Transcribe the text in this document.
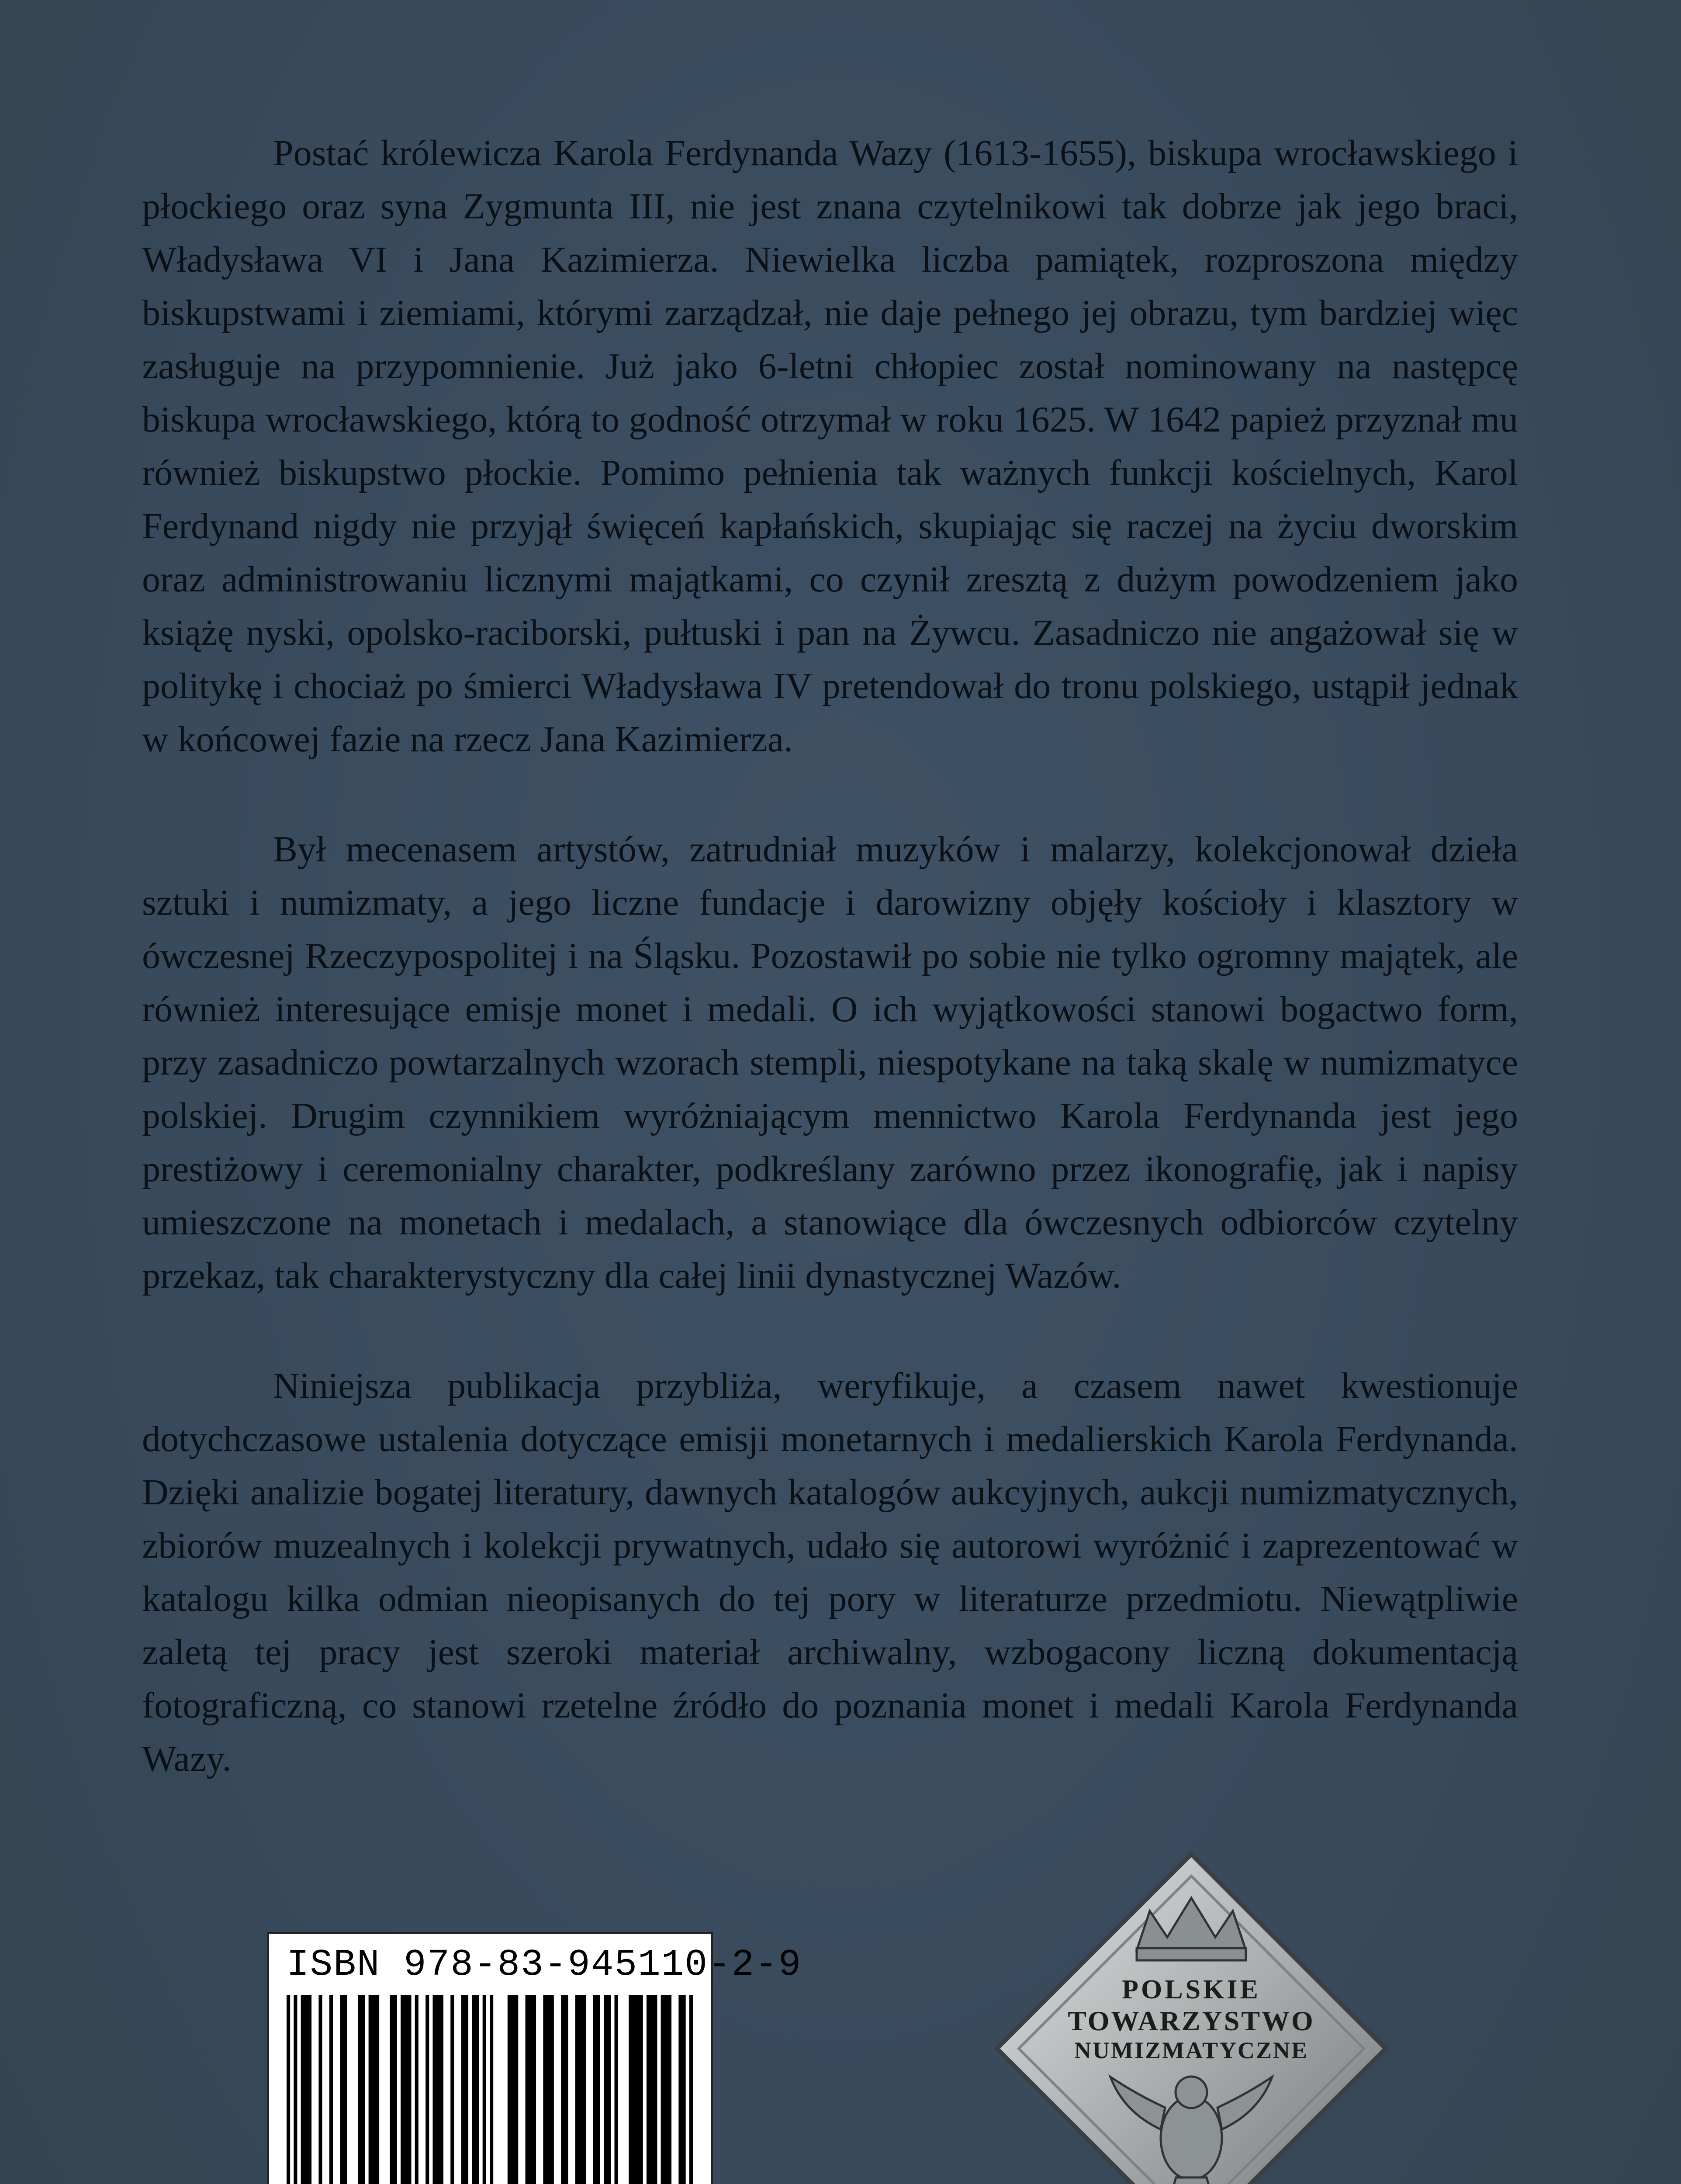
Postać królewicza Karola Ferdynanda Wazy (1613-1655), biskupa wrocławskiego i płockiego oraz syna Zygmunta III, nie jest znana czytelnikowi tak dobrze jak jego braci, Władysława VI i Jana Kazimierza. Niewielka liczba pamiątek, rozproszona między biskupstwami i ziemiami, którymi zarządzał, nie daje pełnego jej obrazu, tym bardziej więc zasługuje na przypomnienie. Już jako 6-letni chłopiec został nominowany na następcę biskupa wrocławskiego, którą to godność otrzymał w roku 1625. W 1642 papież przyznał mu również biskupstwo płockie. Pomimo pełnienia tak ważnych funkcji kościelnych, Karol Ferdynand nigdy nie przyjął święceń kapłańskich, skupiając się raczej na życiu dworskim oraz administrowaniu licznymi majątkami, co czynił zresztą z dużym powodzeniem jako książę nyski, opolsko-raciborski, pułtuski i pan na Żywcu. Zasadniczo nie angażował się w politykę i chociaż po śmierci Władysława IV pretendował do tronu polskiego, ustąpił jednak w końcowej fazie na rzecz Jana Kazimierza.

Był mecenasem artystów, zatrudniał muzyków i malarzy, kolekcjonował dzieła sztuki i numizmaty, a jego liczne fundacje i darowizny objęły kościoły i klasztory w ówczesnej Rzeczypospolitej i na Śląsku. Pozostawił po sobie nie tylko ogromny majątek, ale również interesujące emisje monet i medali. O ich wyjątkowości stanowi bogactwo form, przy zasadniczo powtarzalnych wzorach stempli, niespotykane na taką skalę w numizmatyce polskiej. Drugim czynnikiem wyróżniającym mennictwo Karola Ferdynanda jest jego prestiżowy i ceremonialny charakter, podkreślany zarówno przez ikonografię, jak i napisy umieszczone na monetach i medalach, a stanowiące dla ówczesnych odbiorców czytelny przekaz, tak charakterystyczny dla całej linii dynastycznej Wazów.

Niniejsza publikacja przybliża, weryfikuje, a czasem nawet kwestionuje dotychczasowe ustalenia dotyczące emisji monetarnych i medalierskich Karola Ferdynanda. Dzięki analizie bogatej literatury, dawnych katalogów aukcyjnych, aukcji numizmatycznych, zbiorów muzealnych i kolekcji prywatnych, udało się autorowi wyróżnić i zaprezentować w katalogu kilka odmian nieopisanych do tej pory w literaturze przedmiotu. Niewątpliwie zaletą tej pracy jest szeroki materiał archiwalny, wzbogacony liczną dokumentacją fotograficzną, co stanowi rzetelne źródło do poznania monet i medali Karola Ferdynanda Wazy.

ISBN 978-83-945110-2-9
POLSKIE
TOWARZYSTWO
NUMIZMATYCZNE
